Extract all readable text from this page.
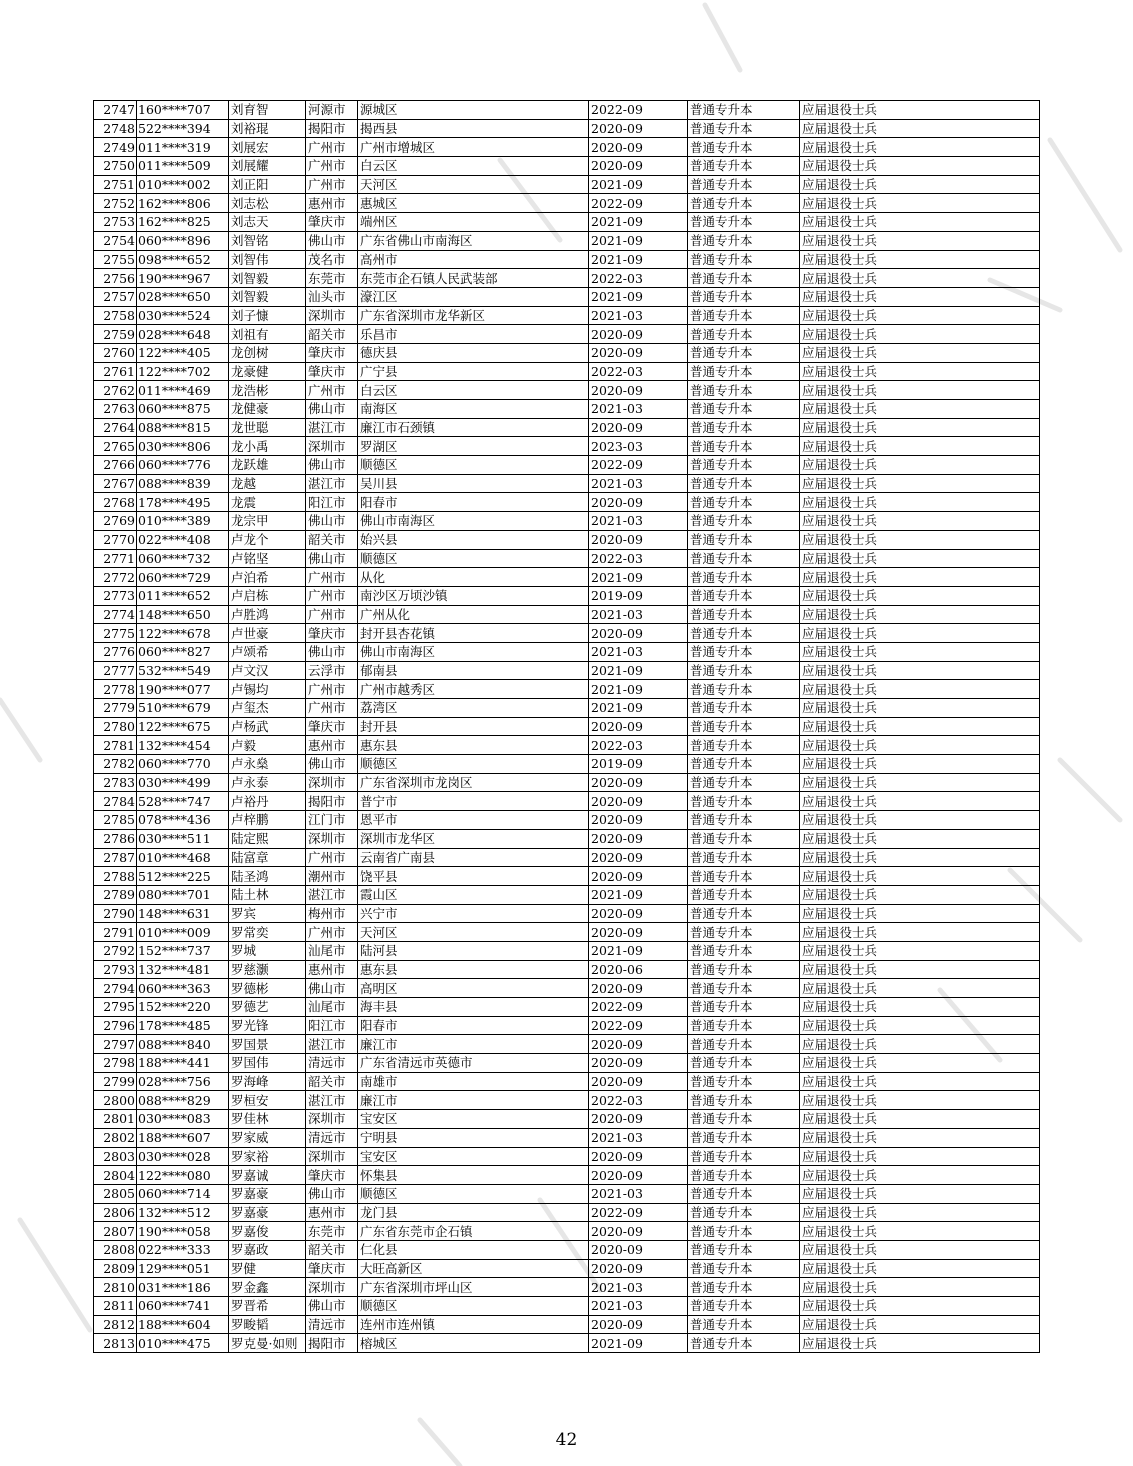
2747	160****707	刘育智	河源市	源城区	2022-09	普通专升本	应届退役士兵
2748	522****394	刘裕琨	揭阳市	揭西县	2020-09	普通专升本	应届退役士兵
2749	011****319	刘展宏	广州市	广州市增城区	2020-09	普通专升本	应届退役士兵
2750	011****509	刘展耀	广州市	白云区	2020-09	普通专升本	应届退役士兵
2751	010****002	刘正阳	广州市	天河区	2021-09	普通专升本	应届退役士兵
2752	162****806	刘志松	惠州市	惠城区	2022-09	普通专升本	应届退役士兵
2753	162****825	刘志天	肇庆市	端州区	2021-09	普通专升本	应届退役士兵
2754	060****896	刘智铭	佛山市	广东省佛山市南海区	2021-09	普通专升本	应届退役士兵
2755	098****652	刘智伟	茂名市	高州市	2021-09	普通专升本	应届退役士兵
2756	190****967	刘智毅	东莞市	东莞市企石镇人民武装部	2022-03	普通专升本	应届退役士兵
2757	028****650	刘智毅	汕头市	濠江区	2021-09	普通专升本	应届退役士兵
2758	030****524	刘子慷	深圳市	广东省深圳市龙华新区	2021-03	普通专升本	应届退役士兵
2759	028****648	刘祖有	韶关市	乐昌市	2020-09	普通专升本	应届退役士兵
2760	122****405	龙创树	肇庆市	德庆县	2020-09	普通专升本	应届退役士兵
2761	122****702	龙豪健	肇庆市	广宁县	2022-03	普通专升本	应届退役士兵
2762	011****469	龙浩彬	广州市	白云区	2020-09	普通专升本	应届退役士兵
2763	060****875	龙健豪	佛山市	南海区	2021-03	普通专升本	应届退役士兵
2764	088****815	龙世聪	湛江市	廉江市石颈镇	2020-09	普通专升本	应届退役士兵
2765	030****806	龙小禹	深圳市	罗湖区	2023-03	普通专升本	应届退役士兵
2766	060****776	龙跃雄	佛山市	顺德区	2022-09	普通专升本	应届退役士兵
2767	088****839	龙越	湛江市	吴川县	2021-03	普通专升本	应届退役士兵
2768	178****495	龙震	阳江市	阳春市	2020-09	普通专升本	应届退役士兵
2769	010****389	龙宗甲	佛山市	佛山市南海区	2021-03	普通专升本	应届退役士兵
2770	022****408	卢龙个	韶关市	始兴县	2020-09	普通专升本	应届退役士兵
2771	060****732	卢铭坚	佛山市	顺德区	2022-03	普通专升本	应届退役士兵
2772	060****729	卢泊希	广州市	从化	2021-09	普通专升本	应届退役士兵
2773	011****652	卢启栋	广州市	南沙区万顷沙镇	2019-09	普通专升本	应届退役士兵
2774	148****650	卢胜鸿	广州市	广州从化	2021-03	普通专升本	应届退役士兵
2775	122****678	卢世豪	肇庆市	封开县杏花镇	2020-09	普通专升本	应届退役士兵
2776	060****827	卢颂希	佛山市	佛山市南海区	2021-03	普通专升本	应届退役士兵
2777	532****549	卢文汉	云浮市	郁南县	2021-09	普通专升本	应届退役士兵
2778	190****077	卢锡均	广州市	广州市越秀区	2021-09	普通专升本	应届退役士兵
2779	510****679	卢玺杰	广州市	荔湾区	2021-09	普通专升本	应届退役士兵
2780	122****675	卢杨武	肇庆市	封开县	2020-09	普通专升本	应届退役士兵
2781	132****454	卢毅	惠州市	惠东县	2022-03	普通专升本	应届退役士兵
2782	060****770	卢永燊	佛山市	顺德区	2019-09	普通专升本	应届退役士兵
2783	030****499	卢永泰	深圳市	广东省深圳市龙岗区	2020-09	普通专升本	应届退役士兵
2784	528****747	卢裕丹	揭阳市	普宁市	2020-09	普通专升本	应届退役士兵
2785	078****436	卢梓鹏	江门市	恩平市	2020-09	普通专升本	应届退役士兵
2786	030****511	陆定熙	深圳市	深圳市龙华区	2020-09	普通专升本	应届退役士兵
2787	010****468	陆富章	广州市	云南省广南县	2020-09	普通专升本	应届退役士兵
2788	512****225	陆圣鸿	潮州市	饶平县	2020-09	普通专升本	应届退役士兵
2789	080****701	陆土林	湛江市	霞山区	2021-09	普通专升本	应届退役士兵
2790	148****631	罗宾	梅州市	兴宁市	2020-09	普通专升本	应届退役士兵
2791	010****009	罗常奕	广州市	天河区	2020-09	普通专升本	应届退役士兵
2792	152****737	罗城	汕尾市	陆河县	2021-09	普通专升本	应届退役士兵
2793	132****481	罗慈灏	惠州市	惠东县	2020-06	普通专升本	应届退役士兵
2794	060****363	罗德彬	佛山市	高明区	2020-09	普通专升本	应届退役士兵
2795	152****220	罗德艺	汕尾市	海丰县	2022-09	普通专升本	应届退役士兵
2796	178****485	罗光锋	阳江市	阳春市	2022-09	普通专升本	应届退役士兵
2797	088****840	罗国景	湛江市	廉江市	2020-09	普通专升本	应届退役士兵
2798	188****441	罗国伟	清远市	广东省清远市英德市	2020-09	普通专升本	应届退役士兵
2799	028****756	罗海峰	韶关市	南雄市	2020-09	普通专升本	应届退役士兵
2800	088****829	罗桓安	湛江市	廉江市	2022-03	普通专升本	应届退役士兵
2801	030****083	罗佳林	深圳市	宝安区	2020-09	普通专升本	应届退役士兵
2802	188****607	罗家威	清远市	宁明县	2021-03	普通专升本	应届退役士兵
2803	030****028	罗家裕	深圳市	宝安区	2020-09	普通专升本	应届退役士兵
2804	122****080	罗嘉诚	肇庆市	怀集县	2020-09	普通专升本	应届退役士兵
2805	060****714	罗嘉豪	佛山市	顺德区	2021-03	普通专升本	应届退役士兵
2806	132****512	罗嘉豪	惠州市	龙门县	2022-09	普通专升本	应届退役士兵
2807	190****058	罗嘉俊	东莞市	广东省东莞市企石镇	2020-09	普通专升本	应届退役士兵
2808	022****333	罗嘉政	韶关市	仁化县	2020-09	普通专升本	应届退役士兵
2809	129****051	罗健	肇庆市	大旺高新区	2020-09	普通专升本	应届退役士兵
2810	031****186	罗金鑫	深圳市	广东省深圳市坪山区	2021-03	普通专升本	应届退役士兵
2811	060****741	罗晋希	佛山市	顺德区	2021-03	普通专升本	应届退役士兵
2812	188****604	罗畯韬	清远市	连州市连州镇	2020-09	普通专升本	应届退役士兵
2813	010****475	罗克曼·如则	揭阳市	榕城区	2021-09	普通专升本	应届退役士兵
42
